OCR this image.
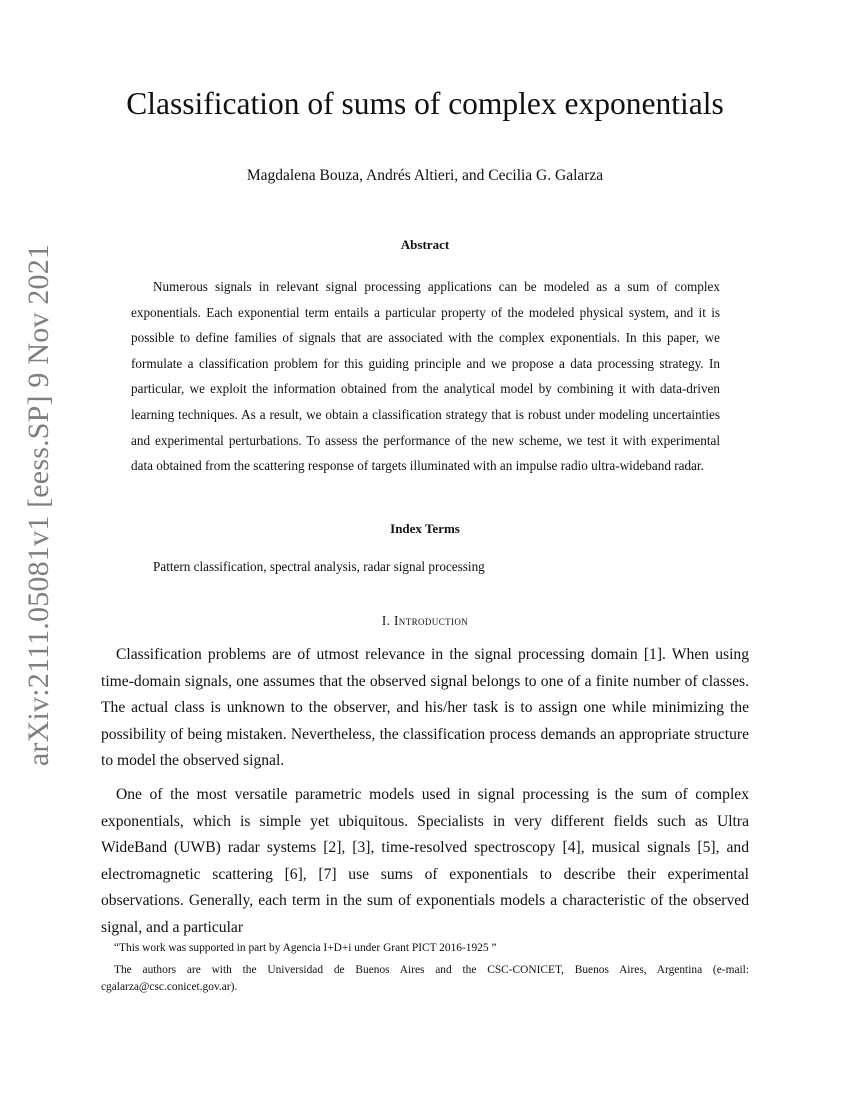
arXiv:2111.05081v1 [eess.SP] 9 Nov 2021
Classification of sums of complex exponentials
Magdalena Bouza, Andrés Altieri, and Cecilia G. Galarza
Abstract

Numerous signals in relevant signal processing applications can be modeled as a sum of complex exponentials. Each exponential term entails a particular property of the modeled physical system, and it is possible to define families of signals that are associated with the complex exponentials. In this paper, we formulate a classification problem for this guiding principle and we propose a data processing strategy. In particular, we exploit the information obtained from the analytical model by combining it with data-driven learning techniques. As a result, we obtain a classification strategy that is robust under modeling uncertainties and experimental perturbations. To assess the performance of the new scheme, we test it with experimental data obtained from the scattering response of targets illuminated with an impulse radio ultra-wideband radar.

Index Terms
Pattern classification, spectral analysis, radar signal processing
I. Introduction

Classification problems are of utmost relevance in the signal processing domain [1]. When using time-domain signals, one assumes that the observed signal belongs to one of a finite number of classes. The actual class is unknown to the observer, and his/her task is to assign one while minimizing the possibility of being mistaken. Nevertheless, the classification process demands an appropriate structure to model the observed signal.

One of the most versatile parametric models used in signal processing is the sum of complex exponentials, which is simple yet ubiquitous. Specialists in very different fields such as Ultra WideBand (UWB) radar systems [2], [3], time-resolved spectroscopy [4], musical signals [5], and electromagnetic scattering [6], [7] use sums of exponentials to describe their experimental observations. Generally, each term in the sum of exponentials models a characteristic of the observed signal, and a particular

“This work was supported in part by Agencia I+D+i under Grant PICT 2016-1925 ”

The authors are with the Universidad de Buenos Aires and the CSC-CONICET, Buenos Aires, Argentina (e-mail: cgalarza@csc.conicet.gov.ar).
